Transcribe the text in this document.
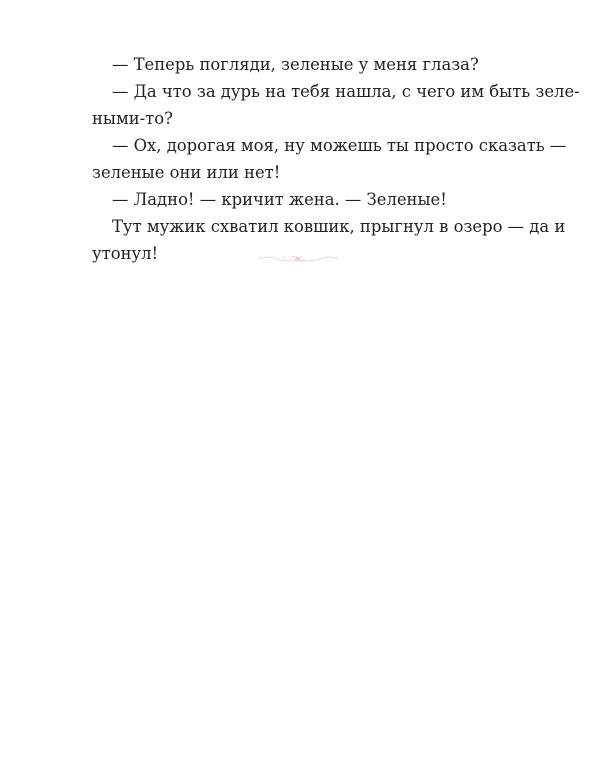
— Теперь погляди, зеленые у меня глаза?
— Да что за дурь на тебя нашла, с чего им быть зеле-
ными-то?
— Ох, дорогая моя, ну можешь ты просто сказать —
зеленые они или нет!
— Ладно! — кричит жена. — Зеленые!
Тут мужик схватил ковшик, прыгнул в озеро — да и
утонул!
